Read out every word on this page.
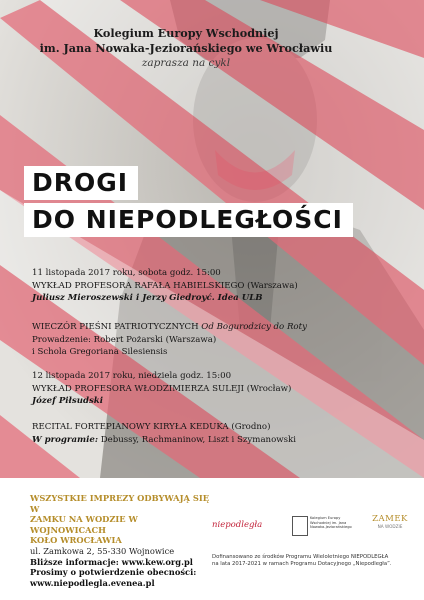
Kolegium Europy Wschodniej
im. Jana Nowaka-Jeziorańskiego we Wrocławiu
zaprasza na cykl
DROGI
DO NIEPODLEGŁOŚCI
11 listopada 2017 roku, sobota godz. 15:00
WYKŁAD PROFESORA RAFAŁA HABIELSKIEGO (Warszawa)
Juliusz Mieroszewski i Jerzy Giedroyć. Idea ULB
WIECZÓR PIEŚNI PATRIOTYCZNYCH Od Bogurodzicy do Roty
Prowadzenie: Robert Pożarski (Warszawa)
i Schola Gregoriana Silesiensis
12 listopada 2017 roku, niedziela godz. 15:00
WYKŁAD PROFESORA WŁODZIMIERZA SULEJI (Wrocław)
Józef Piłsudski
RECITAL FORTEPIANOWY KIRYŁA KEDUKA (Grodno)
W programie: Debussy, Rachmaninow, Liszt i Szymanowski
WSZYSTKIE IMPREZY ODBYWAJĄ SIĘ W
ZAMKU NA WODZIE W WOJNOWICACH
KOŁO WROCŁAWIA
ul. Zamkowa 2, 55-330 Wojnowice
Bliższe informacje: www.kew.org.pl
Prosimy o potwierdzenie obecności:
www.niepodlegla.evenea.pl
niepodległa
Kolegium Europy Wschodniej im. Jana Nowaka-Jeziorańskiego
ZAMEK
NA WODZIE
Dofinansowano ze środków Programu Wieloletniego NIEPODLEGŁA
na lata 2017-2021 w ramach Programu Dotacyjnego „Niepodległa”.
